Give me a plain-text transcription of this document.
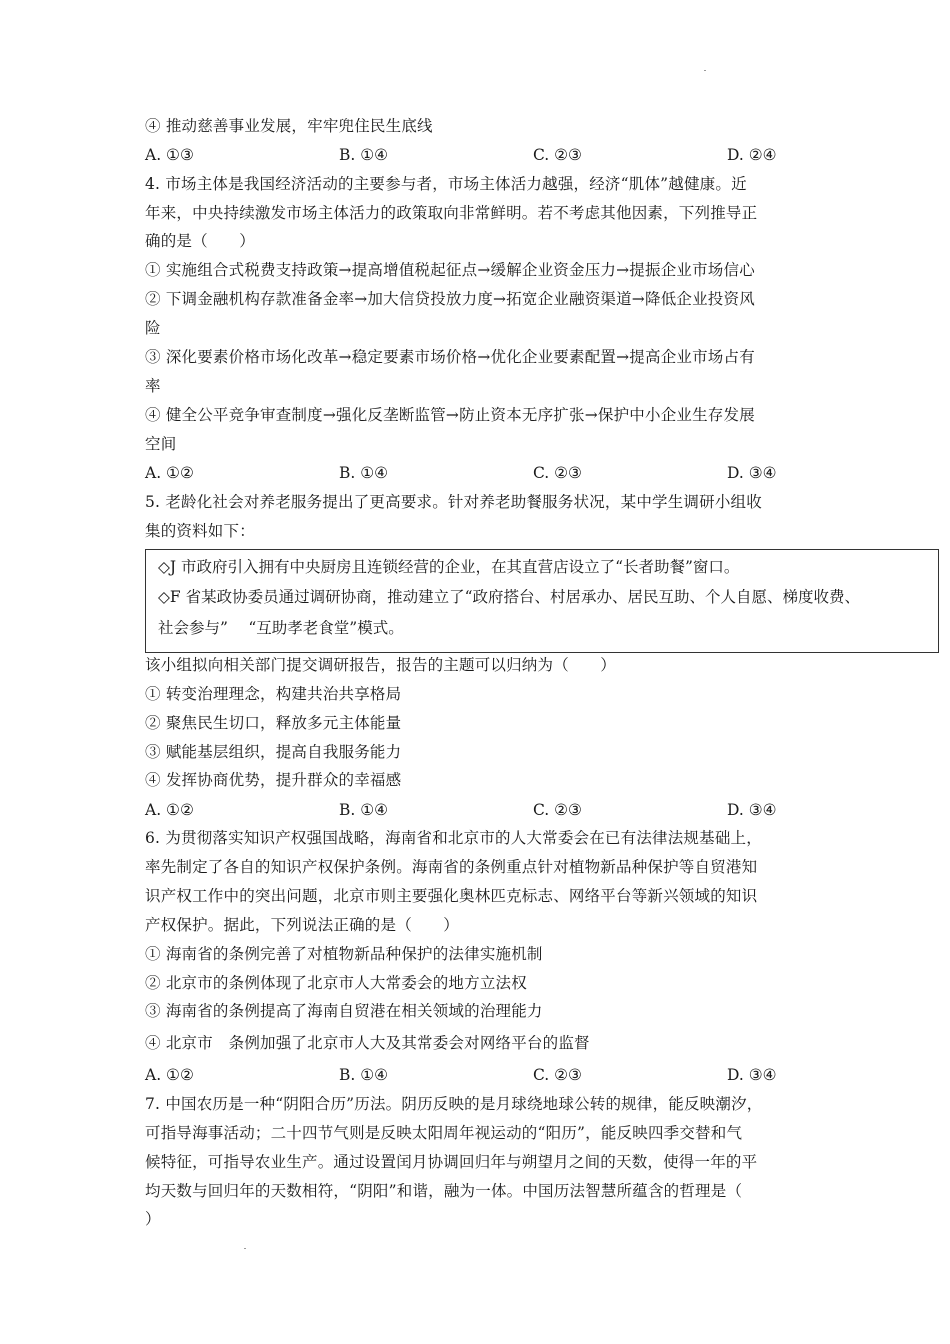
④ 推动慈善事业发展，牢牢兜住民生底线
A. ①③	B. ①④	C. ②③	D. ②④
4. 市场主体是我国经济活动的主要参与者，市场主体活力越强，经济“肌体”越健康。近
年来，中央持续激发市场主体活力的政策取向非常鲜明。若不考虑其他因素，下列推导正
确的是（　　）
① 实施组合式税费支持政策→提高增值税起征点→缓解企业资金压力→提振企业市场信心
② 下调金融机构存款准备金率→加大信贷投放力度→拓宽企业融资渠道→降低企业投资风
险
③ 深化要素价格市场化改革→稳定要素市场价格→优化企业要素配置→提高企业市场占有
率
④ 健全公平竞争审查制度→强化反垄断监管→防止资本无序扩张→保护中小企业生存发展
空间
A. ①②	B. ①④	C. ②③	D. ③④
5. 老龄化社会对养老服务提出了更高要求。针对养老助餐服务状况，某中学生调研小组收
集的资料如下：
◇J 市政府引入拥有中央厨房且连锁经营的企业，在其直营店设立了“长者助餐”窗口。
◇F 省某政协委员通过调研协商，推动建立了“政府搭台、村居承办、居民互助、个人自愿、梯度收费、
社会参与”　 “互助孝老食堂”模式。
该小组拟向相关部门提交调研报告，报告的主题可以归纳为（　　）
① 转变治理理念，构建共治共享格局
② 聚焦民生切口，释放多元主体能量
③ 赋能基层组织，提高自我服务能力
④ 发挥协商优势，提升群众的幸福感
A. ①②	B. ①④	C. ②③	D. ③④
6. 为贯彻落实知识产权强国战略，海南省和北京市的人大常委会在已有法律法规基础上，
率先制定了各自的知识产权保护条例。海南省的条例重点针对植物新品种保护等自贸港知
识产权工作中的突出问题，北京市则主要强化奥林匹克标志、网络平台等新兴领域的知识
产权保护。据此，下列说法正确的是（　　）
① 海南省的条例完善了对植物新品种保护的法律实施机制
② 北京市的条例体现了北京市人大常委会的地方立法权
③ 海南省的条例提高了海南自贸港在相关领域的治理能力
④ 北京市　条例加强了北京市人大及其常委会对网络平台的监督
A. ①②	B. ①④	C. ②③	D. ③④
7. 中国农历是一种“阴阳合历”历法。阴历反映的是月球绕地球公转的规律，能反映潮汐，
可指导海事活动；二十四节气则是反映太阳周年视运动的“阳历”，能反映四季交替和气
候特征，可指导农业生产。通过设置闰月协调回归年与朔望月之间的天数，使得一年的平
均天数与回归年的天数相符，“阴阳”和谐，融为一体。中国历法智慧所蕴含的哲理是（
）
